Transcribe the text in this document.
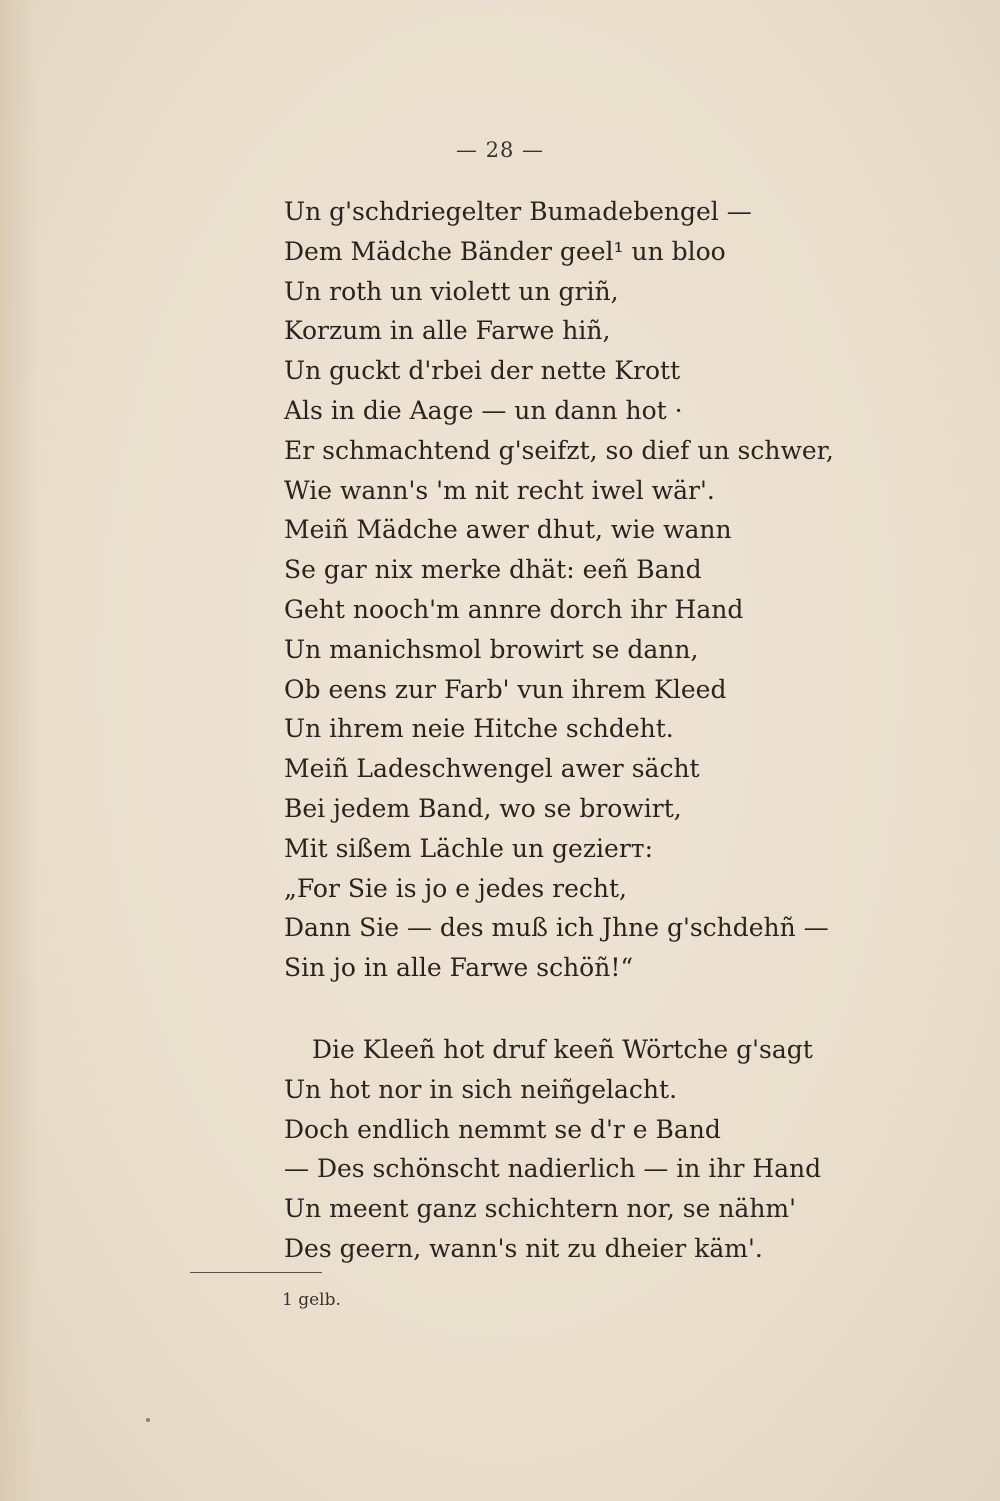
— 28 —
Un g'schdriegelter Bumadebengel —
Dem Mädche Bänder geel¹ un bloo
Un roth un violett un griñ,
Korzum in alle Farwe hiñ,
Un guckt d'rbei der nette Krott
Als in die Aage — un dann hot ·
Er schmachtend g'seifzt, so dief un schwer,
Wie wann's 'm nit recht iwel wär'.
Meiñ Mädche awer dhut, wie wann
Se gar nix merke dhät: eeñ Band
Geht nooch'm annre dorch ihr Hand
Un manichsmol browirt se dann,
Ob eens zur Farb' vun ihrem Kleed
Un ihrem neie Hitche schdeht.
Meiñ Ladeschwengel awer sächt
Bei jedem Band, wo se browirt,
Mit sißem Lächle un gezierт:
„For Sie is jo e jedes recht,
Dann Sie — des muß ich Jhne g'schdehñ —
Sin jo in alle Farwe schöñ!“
Die Kleeñ hot druf keeñ Wörtche g'sagt
Un hot nor in sich neiñgelacht.
Doch endlich nemmt se d'r e Band
— Des schönscht nadierlich — in ihr Hand
Un meent ganz schichtern nor, se nähm'
Des geern, wann's nit zu dheier käm'.
1 gelb.
